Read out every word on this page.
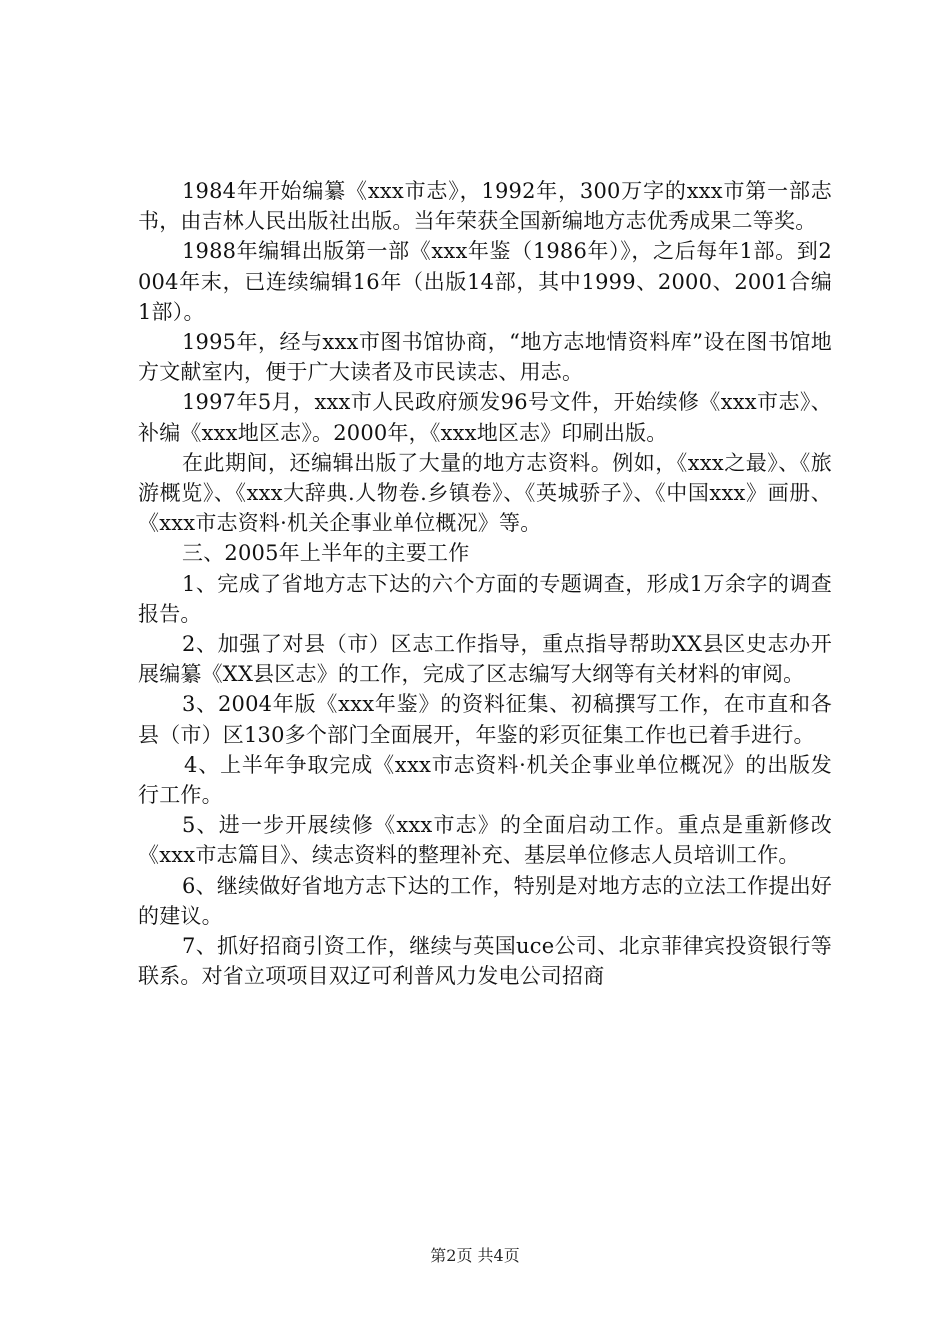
1984年开始编纂《xxx市志》，1992年，300万字的xxx市第一部志书，由吉林人民出版社出版。当年荣获全国新编地方志优秀成果二等奖。

1988年编辑出版第一部《xxx年鉴（1986年）》，之后每年1部。到2004年末，已连续编辑16年（出版14部，其中1999、2000、2001合编1部）。

1995年，经与xxx市图书馆协商，“地方志地情资料库”设在图书馆地方文献室内，便于广大读者及市民读志、用志。

1997年5月，xxx市人民政府颁发96号文件，开始续修《xxx市志》、补编《xxx地区志》。2000年，《xxx地区志》印刷出版。

在此期间，还编辑出版了大量的地方志资料。例如，《xxx之最》、《旅游概览》、《xxx大辞典.人物卷.乡镇卷》、《英城骄子》、《中国xxx》画册、《xxx市志资料·机关企事业单位概况》等。

三、2005年上半年的主要工作

1、完成了省地方志下达的六个方面的专题调查，形成1万余字的调查报告。

2、加强了对县（市）区志工作指导，重点指导帮助XX县区史志办开展编纂《XX县区志》的工作，完成了区志编写大纲等有关材料的审阅。

3、2004年版《xxx年鉴》的资料征集、初稿撰写工作，在市直和各县（市）区130多个部门全面展开，年鉴的彩页征集工作也已着手进行。

4、上半年争取完成《xxx市志资料·机关企事业单位概况》的出版发行工作。

5、进一步开展续修《xxx市志》的全面启动工作。重点是重新修改《xxx市志篇目》、续志资料的整理补充、基层单位修志人员培训工作。

6、继续做好省地方志下达的工作，特别是对地方志的立法工作提出好的建议。

7、抓好招商引资工作，继续与英国uce公司、北京菲律宾投资银行等联系。对省立项项目双辽可利普风力发电公司招商

第2页 共4页
